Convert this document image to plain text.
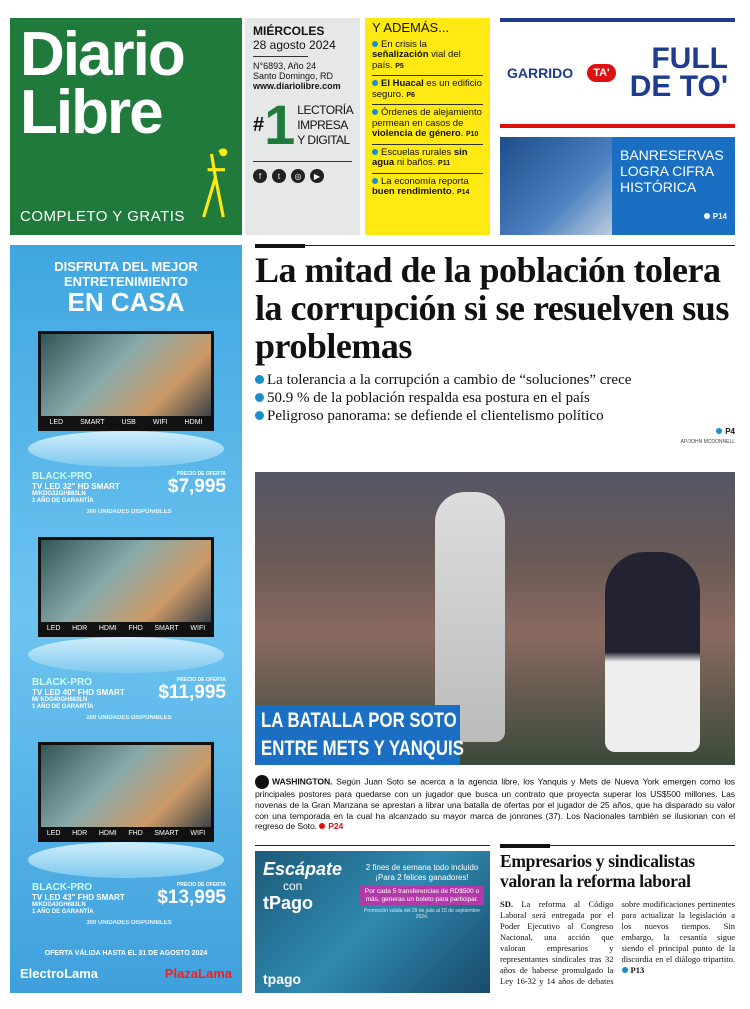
Diario
Libre
COMPLETO Y GRATIS
MIÉRCOLES
28 agosto 2024
N°6893, Año 24
Santo Domingo, RD
www.diariolibre.com
# 1 LECTORÍA IMPRESA Y DIGITAL
f	t	◎	▶
Y ADEMÁS...
En crisis la señalización vial del país. P5
El Huacal es un edificio seguro. P6
Órdenes de alejamiento permean en casos de violencia de género. P10
Escuelas rurales sin agua ni baños. P11
La economía reporta buen rendimiento. P14
GARRIDO	TA'	FULL
DE TO'
BANRESERVAS LOGRA CIFRA HISTÓRICA
P14
DISFRUTA DEL MEJOR ENTRETENIMIENTO
EN CASA
OFERTA VÁLIDA HASTA EL 31 DE AGOSTO 2024
ElectroLama	PlazaLama
LED SMART USB WIFI HDMI
BLACK-PRO
TV LED 32" HD SMART
M/KDG32GH883LN
1 AÑO DE GARANTÍA
PRECIO DE OFERTA
$7,995
300 UNIDADES DISPONIBLES
LED HDR HDMI FHD SMART WIFI
BLACK-PRO
TV LED 40" FHD SMART
M/ KDG40GH683LN
1 AÑO DE GARANTÍA
PRECIO DE OFERTA
$11,995
200 UNIDADES DISPONIBLES
LED HDR HDMI FHD SMART WIFI
BLACK-PRO
TV LED 43" FHD SMART
M/KDG43GH683LN
1 AÑO DE GARANTÍA
PRECIO DE OFERTA
$13,995
300 UNIDADES DISPONIBLES
La mitad de la población tolera la corrupción si se resuelven sus problemas
La tolerancia a la corrupción a cambio de “soluciones” crece
50.9 % de la población respalda esa postura en el país
Peligroso panorama: se defiende el clientelismo político
P4
AP/JOHN MCDONNELL
LA BATALLA POR SOTO
ENTRE METS Y YANQUIS
WASHINGTON. Según Juan Soto se acerca a la agencia libre, los Yanquis y Mets de Nueva York emergen como los principales postores para quedarse con un jugador que busca un contrato que proyecta superar los US$500 millones. Las novenas de la Gran Manzana se aprestan a librar una batalla de ofertas por el jugador de 25 años, que ha disparado su valor con una temporada en la cual ha alcanzado su mayor marca de jonrones (37). Los Nacionales también se ilusionan con el regreso de Soto. P24
Escápate
con
tPago
2 fines de semana todo incluido
¡Para 2 felices ganadores!
Por cada 5 transferencias de RD$500 o más, generas un boleto para participar.
Promoción válida del 29 de julio al 15 de septiembre 2024.
tpago
Empresarios y sindicalistas valoran la reforma laboral
SD. La reforma al Código Laboral será entregada por el Poder Ejecutivo al Congreso Nacional, una acción que valoran empresarios y representantes sindicales tras 32 años de haberse promulgado la Ley 16-32 y 14 años de debates sobre modificaciones pertinentes para actualizar la legislación a los nuevos tiempos. Sin embargo, la cesantía sigue siendo el principal punto de la discordia en el diálogo tripartito. P13
